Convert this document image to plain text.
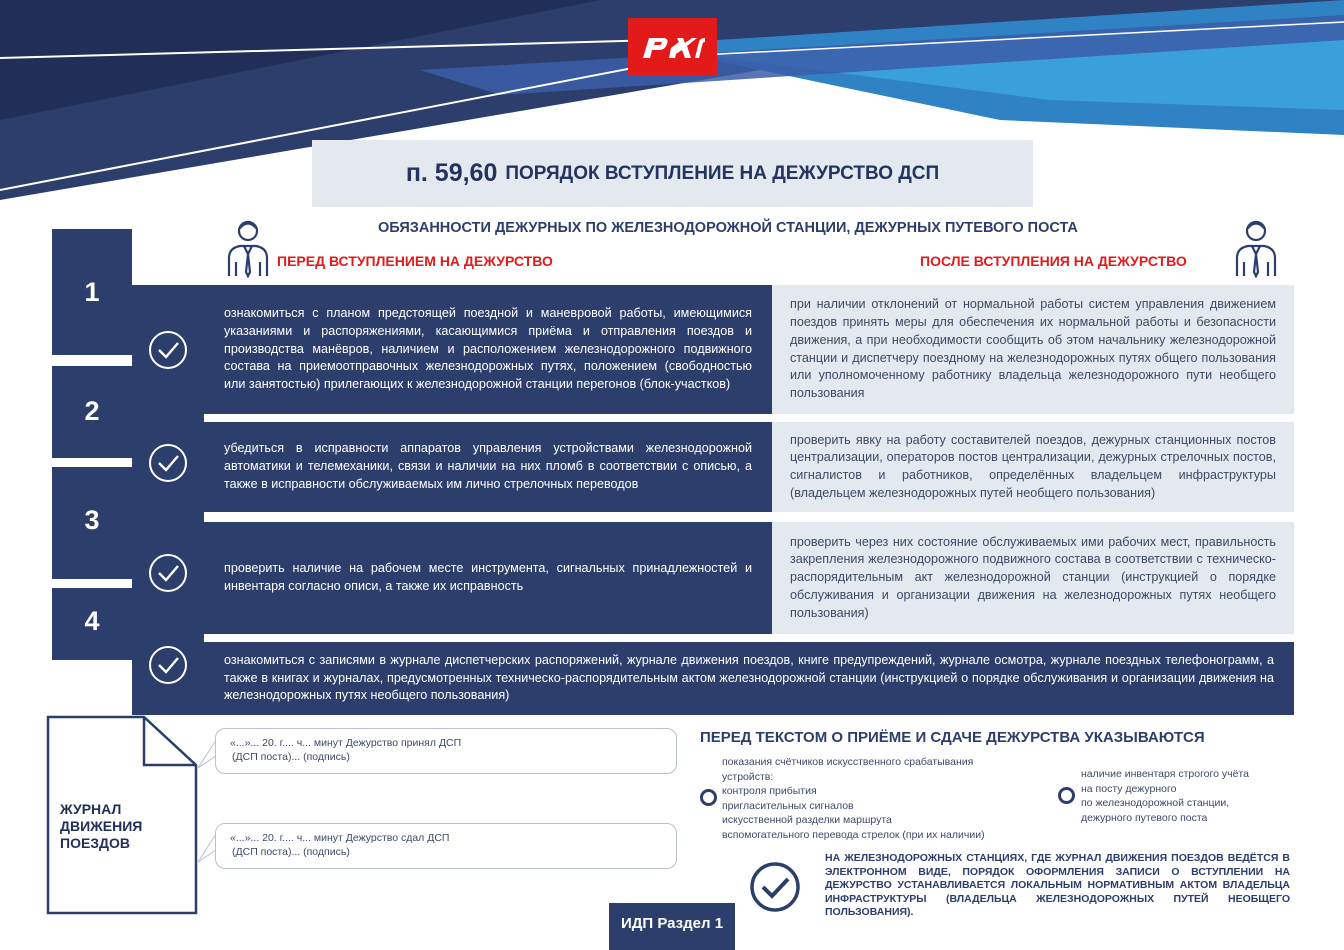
п. 59,60 ПОРЯДОК ВСТУПЛЕНИЕ НА ДЕЖУРСТВО ДСП
ОБЯЗАННОСТИ ДЕЖУРНЫХ ПО ЖЕЛЕЗНОДОРОЖНОЙ СТАНЦИИ, ДЕЖУРНЫХ ПУТЕВОГО ПОСТА
ПЕРЕД ВСТУПЛЕНИЕМ НА ДЕЖУРСТВО	ПОСЛЕ ВСТУПЛЕНИЯ НА ДЕЖУРСТВО
1
2
3
4
ознакомиться с планом предстоящей поездной и маневровой работы, имеющимися указаниями и распоряжениями, касающимися приёма и отправления поездов и производства манёвров, наличием и расположением железнодорожного подвижного состава на приемоотправочных железнодорожных путях, положением (свободностью или занятостью) прилегающих к железнодорожной станции перегонов (блок-участков)
при наличии отклонений от нормальной работы систем управления движением поездов принять меры для обеспечения их нормальной работы и безопасности движения, а при необходимости сообщить об этом начальнику железнодорожной станции и диспетчеру поездному на железнодорожных путях общего пользования или уполномоченному работнику владельца железнодорожного пути необщего пользования
убедиться в исправности аппаратов управления устройствами железнодорожной автоматики и телемеханики, связи и наличии на них пломб в соответствии с описью, а также в исправности обслуживаемых им лично стрелочных переводов
проверить явку на работу составителей поездов, дежурных станционных постов централизации, операторов постов централизации, дежурных стрелочных постов, сигналистов и работников, определённых владельцем инфраструктуры (владельцем железнодорожных путей необщего пользования)
проверить наличие на рабочем месте инструмента, сигнальных принадлежностей и инвентаря согласно описи, а также их исправность
проверить через них состояние обслуживаемых ими рабочих мест, правильность закрепления железнодорожного подвижного состава в соответствии с техническо-распорядительным акт железнодорожной станции (инструкцией о порядке обслуживания и организации движения на железнодорожных путях необщего пользования)
ознакомиться с записями в журнале диспетчерских распоряжений, журнале движения поездов, книге предупреждений, журнале осмотра, журнале поездных телефонограмм, а также в книгах и журналах, предусмотренных техническо-распорядительным актом железнодорожной станции (инструкцией о порядке обслуживания и организации движения на железнодорожных путях необщего пользования)
ЖУРНАЛ
ДВИЖЕНИЯ
ПОЕЗДОВ
«...»... 20. г.... ч... минут Дежурство принял ДСП
(ДСП поста)... (подпись)
«...»... 20. г.... ч... минут Дежурство сдал ДСП
(ДСП поста)... (подпись)
ПЕРЕД ТЕКСТОМ О ПРИЁМЕ И СДАЧЕ ДЕЖУРСТВА УКАЗЫВАЮТСЯ
показания счётчиков искусственного срабатывания
устройств:
контроля прибытия
пригласительных сигналов
искусственной разделки маршрута
вспомогательного перевода стрелок (при их наличии)
наличие инвентаря строгого учёта
на посту дежурного
по железнодорожной станции,
дежурного путевого поста
НА ЖЕЛЕЗНОДОРОЖНЫХ СТАНЦИЯХ, ГДЕ ЖУРНАЛ ДВИЖЕНИЯ ПОЕЗДОВ ВЕДЁТСЯ В ЭЛЕКТРОННОМ ВИДЕ, ПОРЯДОК ОФОРМЛЕНИЯ ЗАПИСИ О ВСТУПЛЕНИИ НА ДЕЖУРСТВО УСТАНАВЛИВАЕТСЯ ЛОКАЛЬНЫМ НОРМАТИВНЫМ АКТОМ ВЛАДЕЛЬЦА ИНФРАСТРУКТУРЫ (ВЛАДЕЛЬЦА ЖЕЛЕЗНОДОРОЖНЫХ ПУТЕЙ НЕОБЩЕГО ПОЛЬЗОВАНИЯ).
ИДП Раздел 1
